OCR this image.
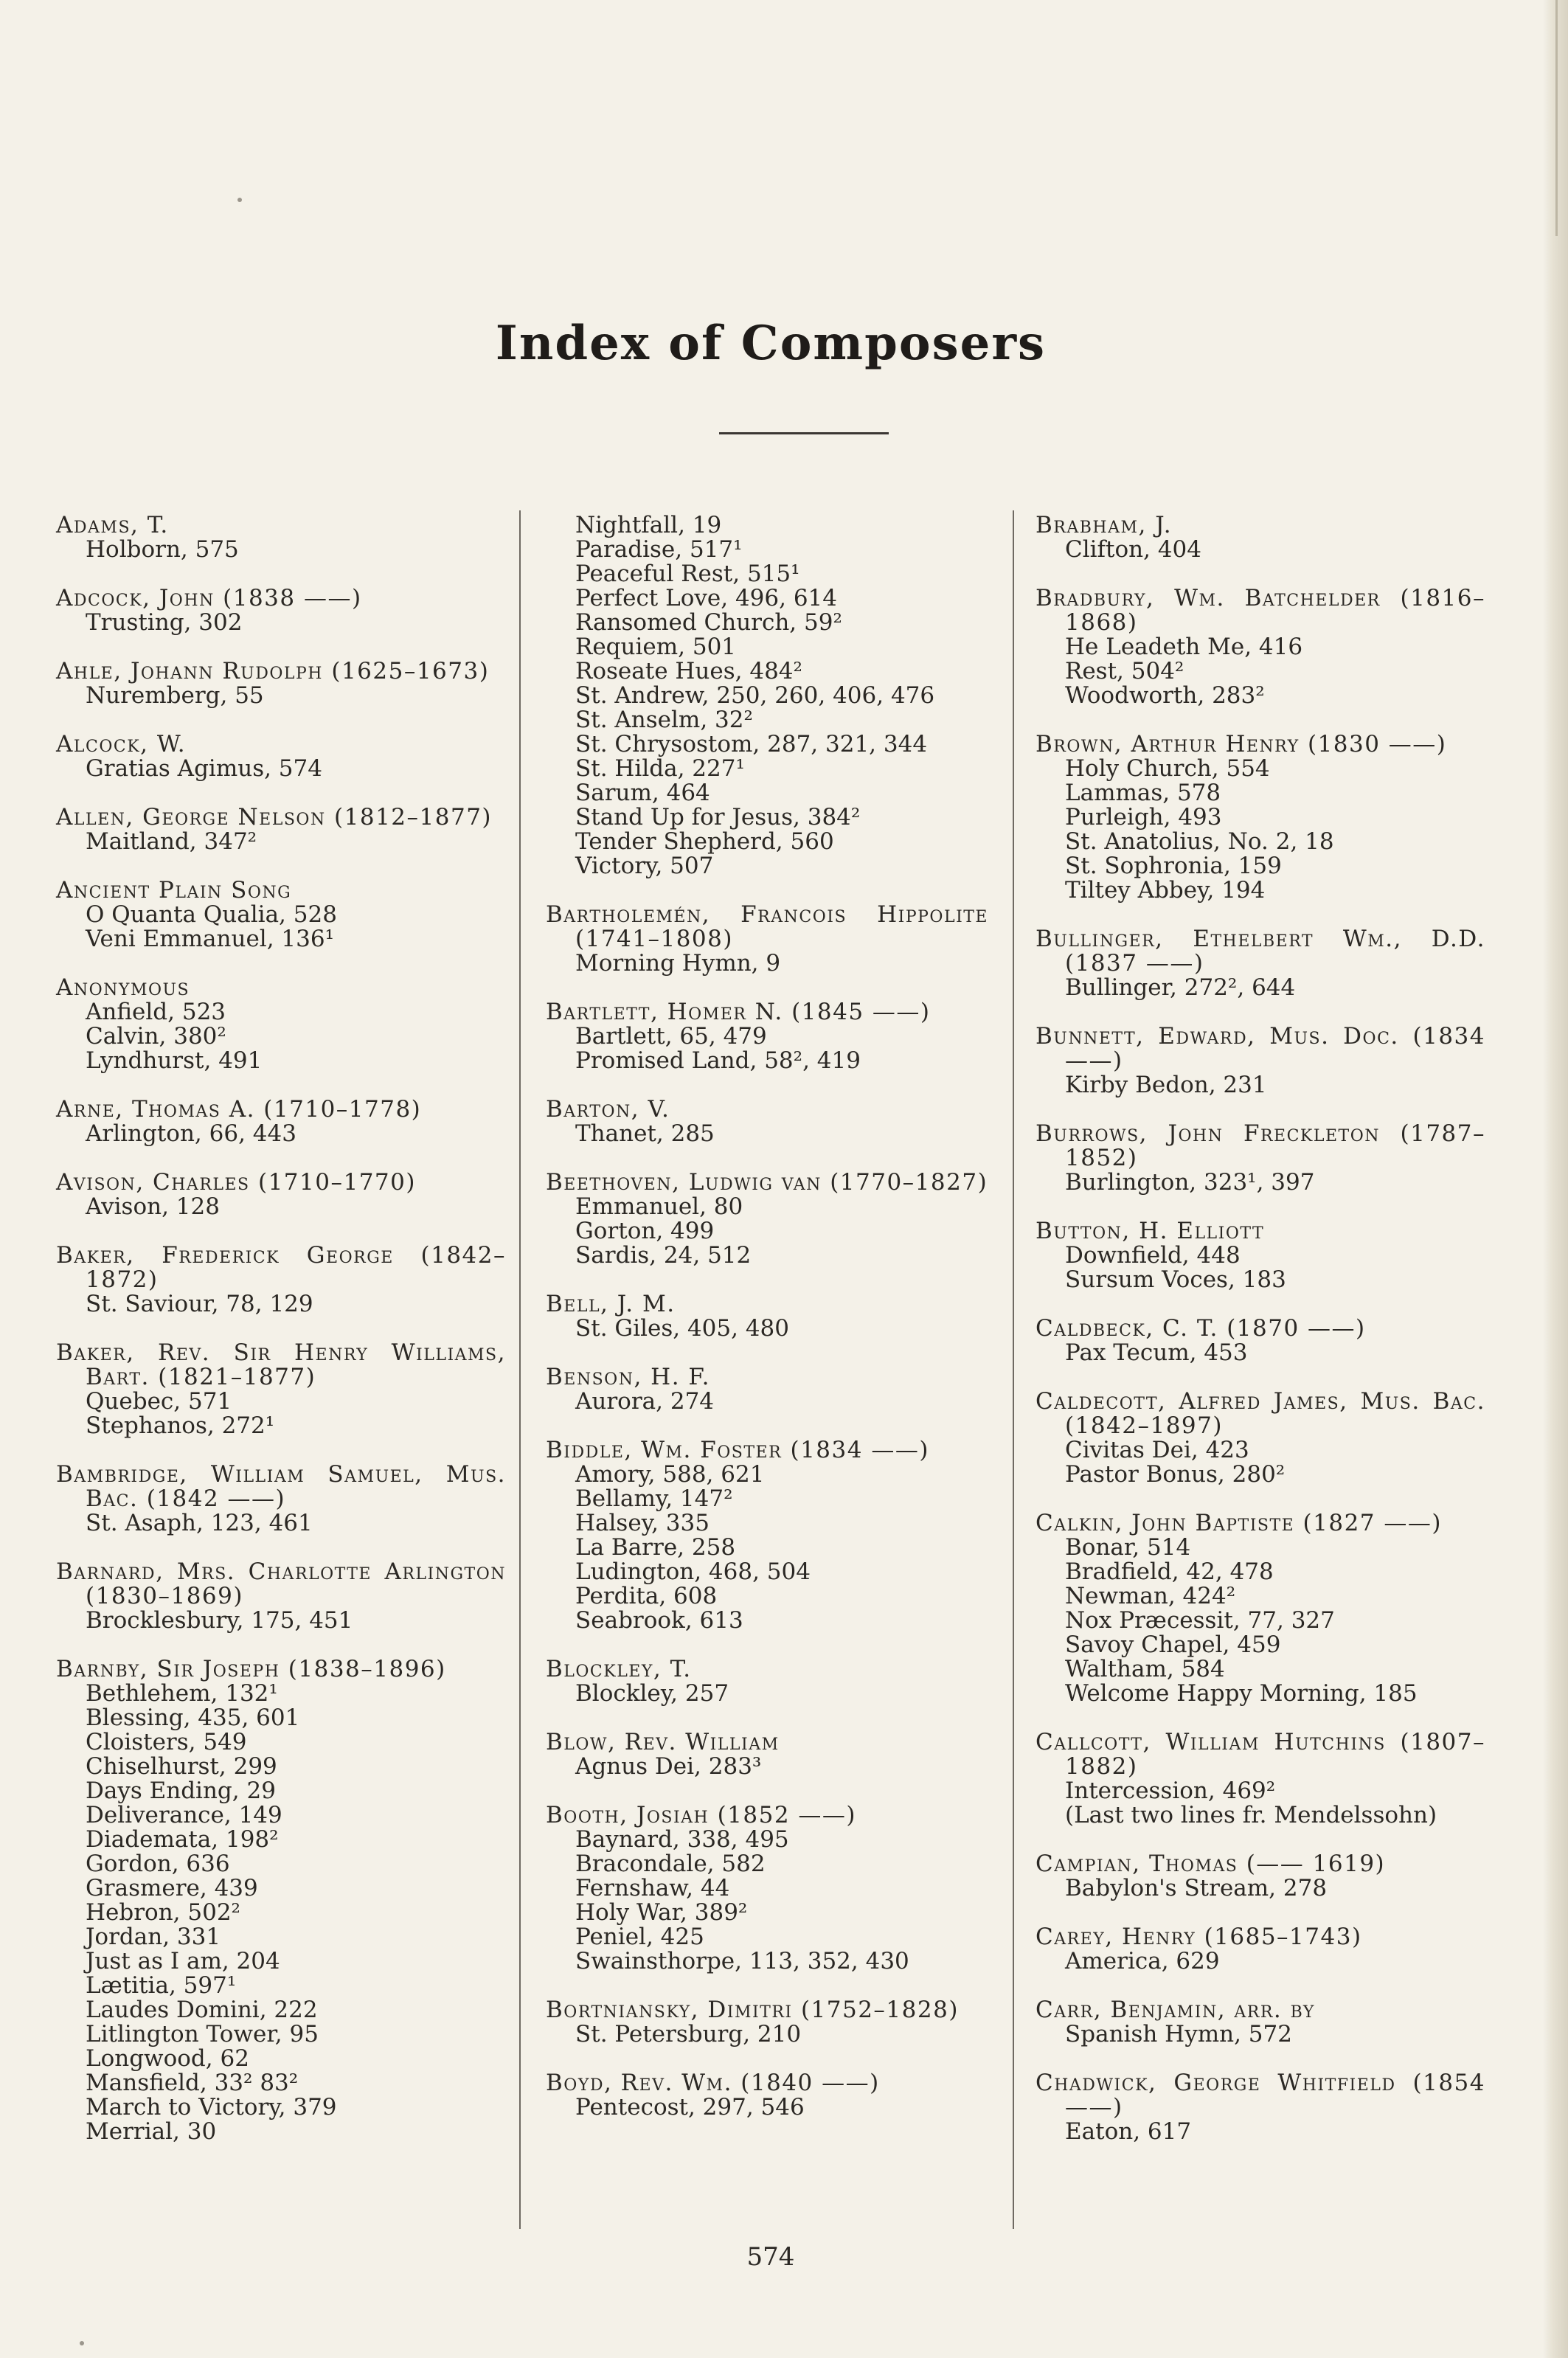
Index of Composers
Adams, T.
Holborn, 575
Adcock, John (1838 ——)
Trusting, 302
Ahle, Johann Rudolph (1625–1673)
Nuremberg, 55
Alcock, W.
Gratias Agimus, 574
Allen, George Nelson (1812–1877)
Maitland, 347²
Ancient Plain Song
O Quanta Qualia, 528
Veni Emmanuel, 136¹
Anonymous
Anfield, 523
Calvin, 380²
Lyndhurst, 491
Arne, Thomas A. (1710–1778)
Arlington, 66, 443
Avison, Charles (1710–1770)
Avison, 128
Baker, Frederick George (1842–1872)
St. Saviour, 78, 129
Baker, Rev. Sir Henry Williams, Bart. (1821–1877)
Quebec, 571
Stephanos, 272¹
Bambridge, William Samuel, Mus. Bac. (1842 ——)
St. Asaph, 123, 461
Barnard, Mrs. Charlotte Arlington (1830–1869)
Brocklesbury, 175, 451
Barnby, Sir Joseph (1838–1896)
Bethlehem, 132¹
Blessing, 435, 601
Cloisters, 549
Chiselhurst, 299
Days Ending, 29
Deliverance, 149
Diademata, 198²
Gordon, 636
Grasmere, 439
Hebron, 502²
Jordan, 331
Just as I am, 204
Lætitia, 597¹
Laudes Domini, 222
Litlington Tower, 95
Longwood, 62
Mansfield, 33² 83²
March to Victory, 379
Merrial, 30
Nightfall, 19
Paradise, 517¹
Peaceful Rest, 515¹
Perfect Love, 496, 614
Ransomed Church, 59²
Requiem, 501
Roseate Hues, 484²
St. Andrew, 250, 260, 406, 476
St. Anselm, 32²
St. Chrysostom, 287, 321, 344
St. Hilda, 227¹
Sarum, 464
Stand Up for Jesus, 384²
Tender Shepherd, 560
Victory, 507
Bartholemén, Francois Hippolite (1741–1808)
Morning Hymn, 9
Bartlett, Homer N. (1845 ——)
Bartlett, 65, 479
Promised Land, 58², 419
Barton, V.
Thanet, 285
Beethoven, Ludwig van (1770–1827)
Emmanuel, 80
Gorton, 499
Sardis, 24, 512
Bell, J. M.
St. Giles, 405, 480
Benson, H. F.
Aurora, 274
Biddle, Wm. Foster (1834 ——)
Amory, 588, 621
Bellamy, 147²
Halsey, 335
La Barre, 258
Ludington, 468, 504
Perdita, 608
Seabrook, 613
Blockley, T.
Blockley, 257
Blow, Rev. William
Agnus Dei, 283³
Booth, Josiah (1852 ——)
Baynard, 338, 495
Bracondale, 582
Fernshaw, 44
Holy War, 389²
Peniel, 425
Swainsthorpe, 113, 352, 430
Bortniansky, Dimitri (1752–1828)
St. Petersburg, 210
Boyd, Rev. Wm. (1840 ——)
Pentecost, 297, 546
Brabham, J.
Clifton, 404
Bradbury, Wm. Batchelder (1816–1868)
He Leadeth Me, 416
Rest, 504²
Woodworth, 283²
Brown, Arthur Henry (1830 ——)
Holy Church, 554
Lammas, 578
Purleigh, 493
St. Anatolius, No. 2, 18
St. Sophronia, 159
Tiltey Abbey, 194
Bullinger, Ethelbert Wm., D.D. (1837 ——)
Bullinger, 272², 644
Bunnett, Edward, Mus. Doc. (1834 ——)
Kirby Bedon, 231
Burrows, John Freckleton (1787–1852)
Burlington, 323¹, 397
Button, H. Elliott
Downfield, 448
Sursum Voces, 183
Caldbeck, C. T. (1870 ——)
Pax Tecum, 453
Caldecott, Alfred James, Mus. Bac. (1842–1897)
Civitas Dei, 423
Pastor Bonus, 280²
Calkin, John Baptiste (1827 ——)
Bonar, 514
Bradfield, 42, 478
Newman, 424²
Nox Præcessit, 77, 327
Savoy Chapel, 459
Waltham, 584
Welcome Happy Morning, 185
Callcott, William Hutchins (1807–1882)
Intercession, 469²
(Last two lines fr. Mendelssohn)
Campian, Thomas (—— 1619)
Babylon's Stream, 278
Carey, Henry (1685–1743)
America, 629
Carr, Benjamin, arr. by
Spanish Hymn, 572
Chadwick, George Whitfield (1854 ——)
Eaton, 617
574
